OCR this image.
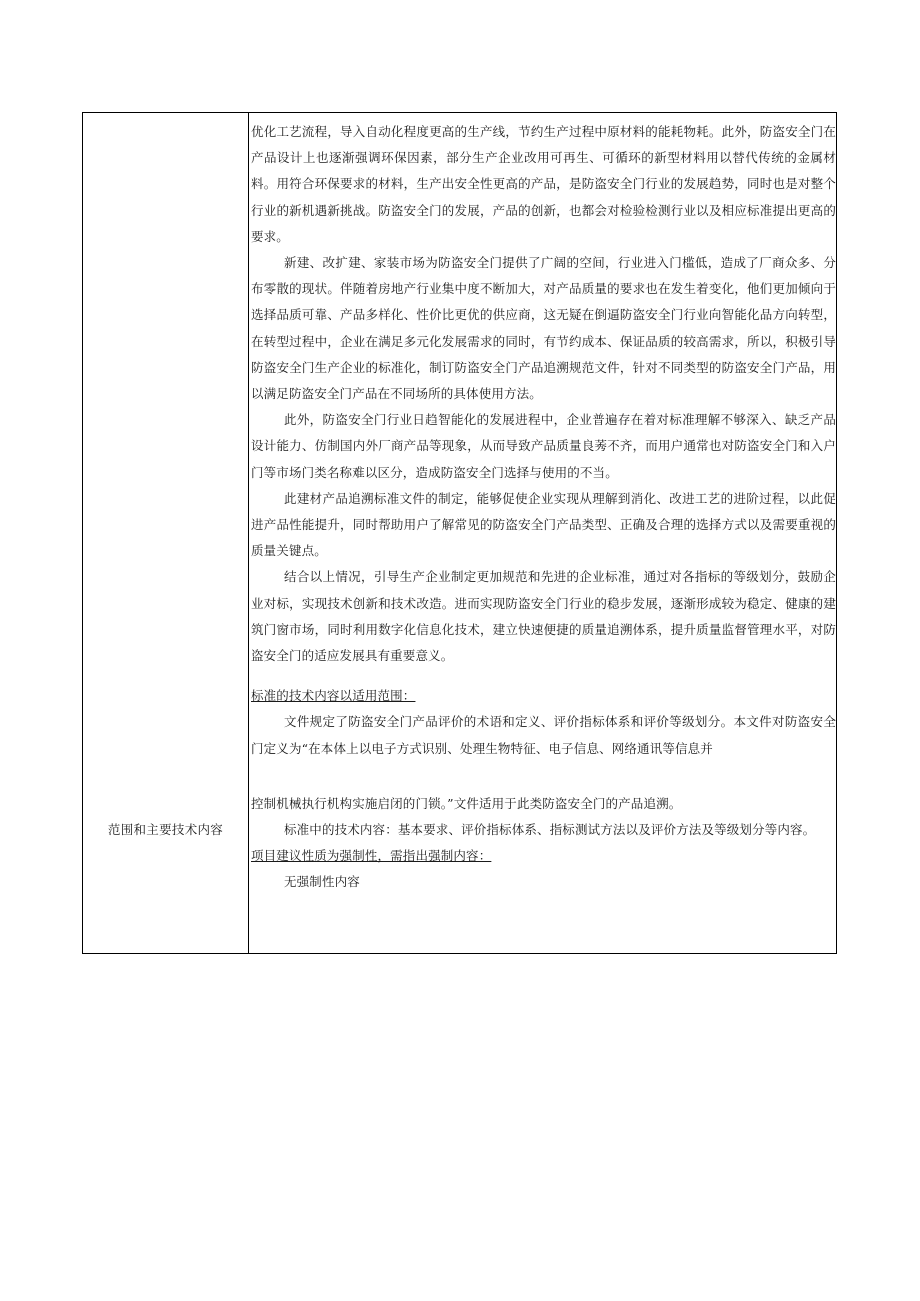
范围和主要技术内容

优化工艺流程，导入自动化程度更高的生产线，节约生产过程中原材料的能耗物耗。此外，防盗安全门在产品设计上也逐渐强调环保因素，部分生产企业改用可再生、可循环的新型材料用以替代传统的金属材料。用符合环保要求的材料，生产出安全性更高的产品，是防盗安全门行业的发展趋势，同时也是对整个行业的新机遇新挑战。防盗安全门的发展，产品的创新，也都会对检验检测行业以及相应标准提出更高的要求。

新建、改扩建、家装市场为防盗安全门提供了广阔的空间，行业进入门槛低，造成了厂商众多、分布零散的现状。伴随着房地产行业集中度不断加大，对产品质量的要求也在发生着变化，他们更加倾向于选择品质可靠、产品多样化、性价比更优的供应商，这无疑在倒逼防盗安全门行业向智能化品方向转型，在转型过程中，企业在满足多元化发展需求的同时，有节约成本、保证品质的较高需求，所以，积极引导防盗安全门生产企业的标准化，制订防盗安全门产品追溯规范文件，针对不同类型的防盗安全门产品，用以满足防盗安全门产品在不同场所的具体使用方法。

此外，防盗安全门行业日趋智能化的发展进程中，企业普遍存在着对标准理解不够深入、缺乏产品设计能力、仿制国内外厂商产品等现象，从而导致产品质量良莠不齐，而用户通常也对防盗安全门和入户门等市场门类名称难以区分，造成防盗安全门选择与使用的不当。

此建材产品追溯标准文件的制定，能够促使企业实现从理解到消化、改进工艺的进阶过程，以此促进产品性能提升，同时帮助用户了解常见的防盗安全门产品类型、正确及合理的选择方式以及需要重视的质量关键点。

结合以上情况，引导生产企业制定更加规范和先进的企业标准，通过对各指标的等级划分，鼓励企业对标，实现技术创新和技术改造。进而实现防盗安全门行业的稳步发展，逐渐形成较为稳定、健康的建筑门窗市场，同时利用数字化信息化技术，建立快速便捷的质量追溯体系，提升质量监督管理水平，对防盗安全门的适应发展具有重要意义。

标准的技术内容以适用范围：

文件规定了防盗安全门产品评价的术语和定义、评价指标体系和评价等级划分。本文件对防盗安全门定义为“在本体上以电子方式识别、处理生物特征、电子信息、网络通讯等信息并

控制机械执行机构实施启闭的门锁。”文件适用于此类防盗安全门的产品追溯。

标准中的技术内容：基本要求、评价指标体系、指标测试方法以及评价方法及等级划分等内容。

项目建议性质为强制性，需指出强制内容：

无强制性内容
